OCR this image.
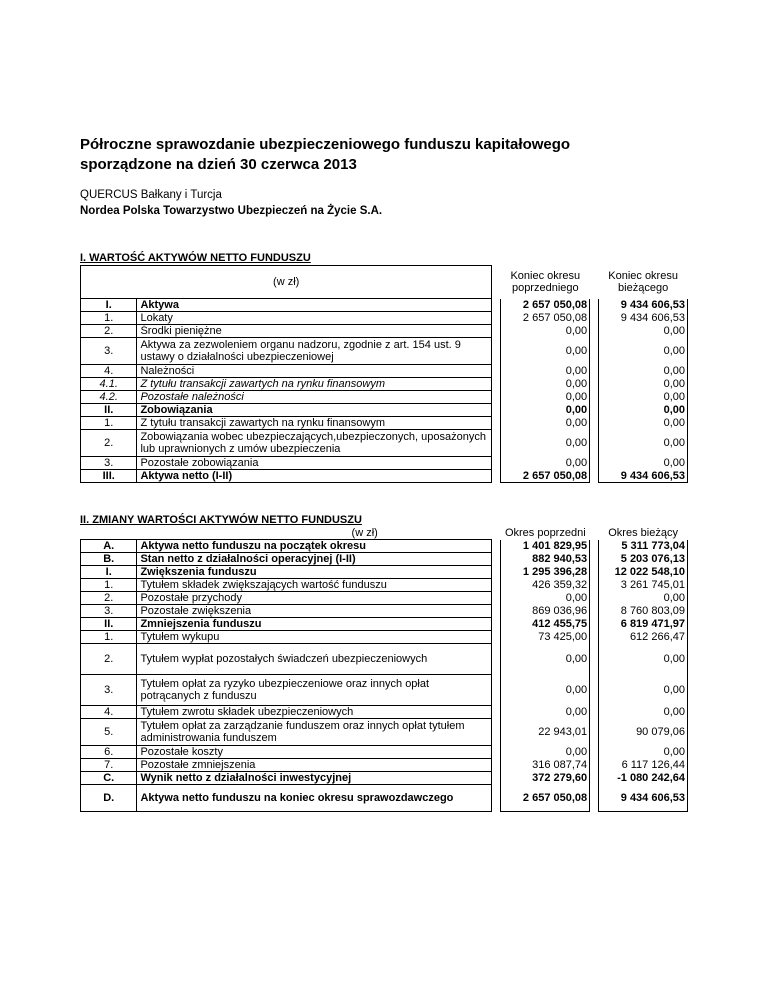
Półroczne sprawozdanie ubezpieczeniowego funduszu kapitałowego
sporządzone na dzień 30 czerwca 2013
QUERCUS Bałkany i Turcja
Nordea Polska Towarzystwo Ubezpieczeń na Życie S.A.
I. WARTOŚĆ AKTYWÓW NETTO FUNDUSZU
(w zł)			Koniec okresu poprzedniego		Koniec okresu bieżącego
I.	Aktywa		2 657 050,08		9 434 606,53
1.	Lokaty		2 657 050,08		9 434 606,53
2.	Środki pieniężne		0,00		0,00
3.	Aktywa za zezwoleniem organu nadzoru, zgodnie z art. 154 ust. 9 ustawy o działalności ubezpieczeniowej		0,00		0,00
4.	Należności		0,00		0,00
4.1.	Z tytułu transakcji zawartych na rynku finansowym		0,00		0,00
4.2.	Pozostałe należności		0,00		0,00
II.	Zobowiązania		0,00		0,00
1.	Z tytułu transakcji zawartych na rynku finansowym		0,00		0,00
2.	Zobowiązania wobec ubezpieczających,ubezpieczonych, uposażonych lub uprawnionych z umów ubezpieczenia		0,00		0,00
3.	Pozostałe zobowiązania		0,00		0,00
III.	Aktywa netto (I-II)		2 657 050,08		9 434 606,53
II. ZMIANY WARTOŚCI AKTYWÓW NETTO FUNDUSZU
(w zł)			Okres poprzedni		Okres bieżący
A.	Aktywa netto funduszu na początek okresu		1 401 829,95		5 311 773,04
B.	Stan netto z działalności operacyjnej (I-II)		882 940,53		5 203 076,13
I.	Zwiększenia funduszu		1 295 396,28		12 022 548,10
1.	Tytułem składek zwiększających wartość funduszu		426 359,32		3 261 745,01
2.	Pozostałe przychody		0,00		0,00
3.	Pozostałe zwiększenia		869 036,96		8 760 803,09
II.	Zmniejszenia funduszu		412 455,75		6 819 471,97
1.	Tytułem wykupu		73 425,00		612 266,47
2.	Tytułem wypłat pozostałych świadczeń ubezpieczeniowych		0,00		0,00
3.	Tytułem opłat za ryzyko ubezpieczeniowe oraz innych opłat potrącanych z funduszu		0,00		0,00
4.	Tytułem zwrotu składek ubezpieczeniowych		0,00		0,00
5.	Tytułem opłat za zarządzanie funduszem oraz innych opłat tytułem administrowania funduszem		22 943,01		90 079,06
6.	Pozostałe koszty		0,00		0,00
7.	Pozostałe zmniejszenia		316 087,74		6 117 126,44
C.	Wynik netto z działalności inwestycyjnej		372 279,60		-1 080 242,64
D.	Aktywa netto funduszu na koniec okresu sprawozdawczego		2 657 050,08		9 434 606,53
